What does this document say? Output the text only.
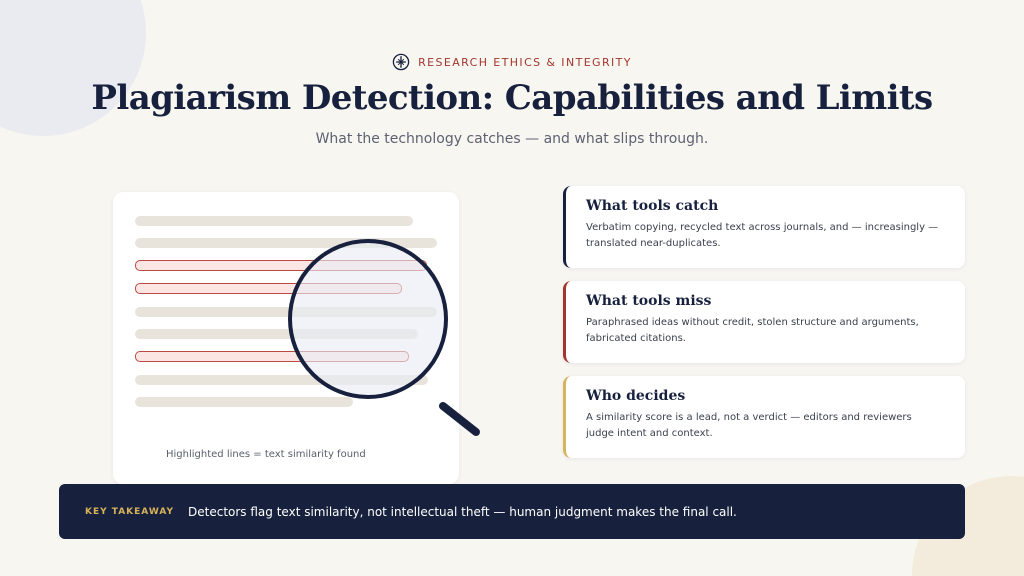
RESEARCH ETHICS & INTEGRITY
Plagiarism Detection: Capabilities and Limits
What the technology catches — and what slips through.
Highlighted lines = text similarity found
What tools catch
Verbatim copying, recycled text across journals, and — increasingly —
translated near-duplicates.
What tools miss
Paraphrased ideas without credit, stolen structure and arguments,
fabricated citations.
Who decides
A similarity score is a lead, not a verdict — editors and reviewers
judge intent and context.
KEY TAKEAWAY Detectors flag text similarity, not intellectual theft — human judgment makes the final call.
